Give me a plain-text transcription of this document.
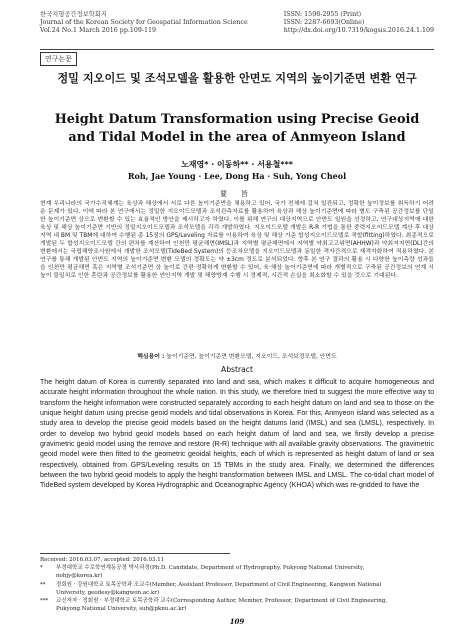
한국지형공간정보학회지
Journal of the Korean Society for Geospatial Information Science
Vol.24 No.1 March 2016 pp.109-119
ISSN: 1598-2955 (Print)
ISSN: 2287-6693(Online)
http://dx.doi.org/10.7319/kogsis.2016.24.1.109
연구논문
정밀 지오이드 및 조석모델을 활용한 안면도 지역의 높이기준면 변환 연구
Height Datum Transformation using Precise Geoid and Tidal Model in the area of Anmyeon Island
노재영* · 이동하** · 서용철***
Roh, Jae Young · Lee, Dong Ha · Suh, Yong Cheol
要 旨

현재 우리나라의 국가수직체계는 육상과 해상에서 서로 다른 높이기준면을 채용하고 있어, 국가 전체에 걸쳐 일관되고, 정확한 높이정보를 취득하기 어려운 문제가 있다. 이에 따라 본 연구에서는 정밀한 지오이드모델과 조석관측자료를 활용하여 육상과 해상 높이기준면에 따라 별도 구축된 공간정보를 단일한 높이기준면 상으로 변환할 수 있는 효율적인 방안을 제시하고자 하였다. 이를 위해 연구의 대상지역으로 안면도 일원을 선정하고, 연구대상지역에 대한 육상 및 해상 높이기준면 기반의 정밀지오이드모델과 조석모델을 각각 개발하였다. 지오이드모델 개발은 R-R 기법을 통한 중력지오이드모델 계산 후 대상지역 내 BM 및 TBM에 대하여 수행된 총 15점의 GPS/Leveling 자료를 이용하여 육상 및 해상 기준 합성지오이드모델로 적합(fitting)하였다. 최종적으로 개발된 두 합성지오이드모델 간의 편차를 계산하여 인천만 평균해면(IMSL)과 지역별 평균해면에서 지역별 약최고고위면(AHHW)과 약최저저면(DL)간의 변환에서는 국립해양조사원에서 개발한 조석모델(TideBed System)의 등조차모델을 지오이드모델과 동일한 격자간격으로 재격자화하여 적용하였다. 본 연구를 통해 개발된 안면도 지역의 높이기준면 변환 모델의 정확도는 약 ±3cm 정도로 분석되었다. 향후 본 연구 결과의 활용 시 다양한 높이측량 성과들을 인천만 평균해면 혹은 지역별 조석기준면 상 높이로 간편·정확하게 변환할 수 있어, 육·해상 높이기준면에 따라 개별적으로 구축된 공간정보의 연계 시 높이 불일치로 인한 혼란과 공간정보를 활용한 연안지역 개발 및 해양방재 수행 시 경제적, 시간적 손실을 최소화할 수 있을 것으로 기대된다.

핵심용어 : 높이기준면, 높이기준면 변환모델, 지오이드, 조석보정모델, 안면도
Abstract
The height datum of Korea is currently separated into land and sea, which makes it difficult to acquire homogeneous and accurate height information throughout the whole nation. In this study, we therefore tried to suggest the more effective way to transform the height information were constructed separately according to each height datum on land and sea to those on the unique height datum using precise geoid models and tidal observations in Korea. For this, Anmyeon island was selected as a study area to develop the precise geoid models based on the height datums land (IMSL) and sea (LMSL), respectively. In order to develop two hybrid geoid models based on each height datum of land and sea, we firstly develop a precise gravimetric geoid model using the remove and restore (R-R) technique with all available gravity observations. The gravimetric geoid model were then fitted to the geometric geoidal heights, each of which is represented as height datum of land or sea respectively, obtained from GPS/Leveling results on 15 TBMs in the study area. Finally, we determined the differences between the two hybrid geoid models to apply the height transformation between IMSL and LMSL. The co-tidal chart model of TideBed system developed by Korea Hydrographic and Oceanographic Agency (KHOA) which was re-gridded to have the
Received: 2016.03.07, accepted: 2016.03.11
*	부경대학교 수로학연계동공정 박사과정(Ph.D. Candidate, Department of Hydrography, Pukyong National University,
nohjy@korea.kr)
**	정회원 · 강원대학교 토목공학과 조교수(Member, Assistant Professor, Department of Civil Engineering, Kangwon National
University, geodesy@kangwon.ac.kr)
***	교신저자 · 정회원 · 부경대학교 토목공학과 교수(Corresponding Author, Member, Professor, Department of Civil Engineering,
Pukyong National University, suh@pknu.ac.kr)
109
